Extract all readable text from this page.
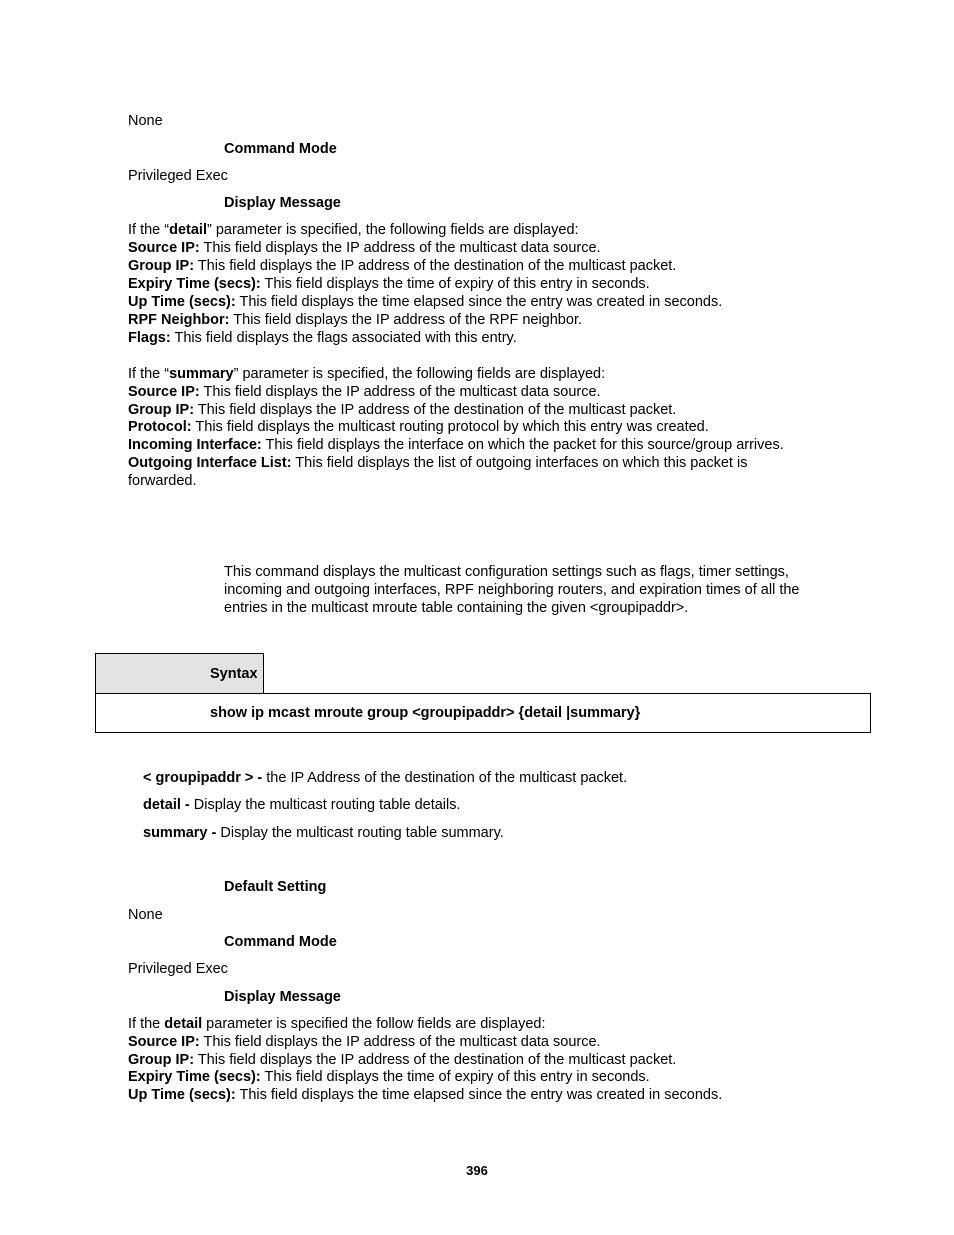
None
Command Mode
Privileged Exec
Display Message
If the “detail” parameter is specified, the following fields are displayed:
Source IP: This field displays the IP address of the multicast data source.
Group IP: This field displays the IP address of the destination of the multicast packet.
Expiry Time (secs): This field displays the time of expiry of this entry in seconds.
Up Time (secs): This field displays the time elapsed since the entry was created in seconds.
RPF Neighbor: This field displays the IP address of the RPF neighbor.
Flags: This field displays the flags associated with this entry.
If the “summary” parameter is specified, the following fields are displayed:
Source IP: This field displays the IP address of the multicast data source.
Group IP: This field displays the IP address of the destination of the multicast packet.
Protocol: This field displays the multicast routing protocol by which this entry was created.
Incoming Interface: This field displays the interface on which the packet for this source/group arrives.
Outgoing Interface List: This field displays the list of outgoing interfaces on which this packet is
forwarded.
This command displays the multicast configuration settings such as flags, timer settings,
incoming and outgoing interfaces, RPF neighboring routers, and expiration times of all the
entries in the multicast mroute table containing the given <groupipaddr>.
Syntax
show ip mcast mroute group <groupipaddr> {detail |summary}
< groupipaddr > - the IP Address of the destination of the multicast packet.
detail - Display the multicast routing table details.
summary - Display the multicast routing table summary.
Default Setting
None
Command Mode
Privileged Exec
Display Message
If the detail parameter is specified the follow fields are displayed:
Source IP: This field displays the IP address of the multicast data source.
Group IP: This field displays the IP address of the destination of the multicast packet.
Expiry Time (secs): This field displays the time of expiry of this entry in seconds.
Up Time (secs): This field displays the time elapsed since the entry was created in seconds.
396
